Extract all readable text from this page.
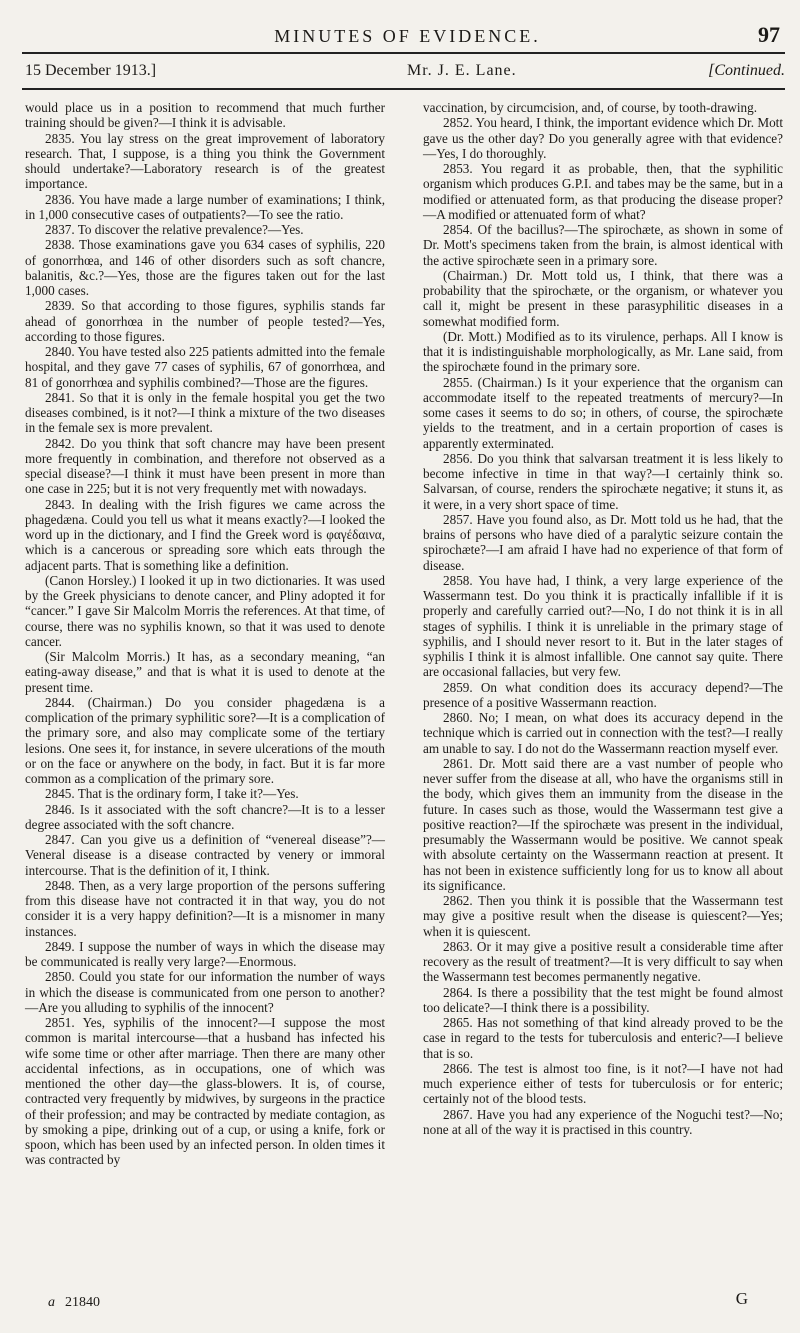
MINUTES OF EVIDENCE.	97
15 December 1913.]	Mr. J. E. Lane.	[Continued.

would place us in a position to recommend that much further training should be given?—I think it is advisable.

2835. You lay stress on the great improvement of laboratory research. That, I suppose, is a thing you think the Government should undertake?—Laboratory research is of the greatest importance.

2836. You have made a large number of examinations; I think, in 1,000 consecutive cases of outpatients?—To see the ratio.

2837. To discover the relative prevalence?—Yes.

2838. Those examinations gave you 634 cases of syphilis, 220 of gonorrhœa, and 146 of other disorders such as soft chancre, balanitis, &c.?—Yes, those are the figures taken out for the last 1,000 cases.

2839. So that according to those figures, syphilis stands far ahead of gonorrhœa in the number of people tested?—Yes, according to those figures.

2840. You have tested also 225 patients admitted into the female hospital, and they gave 77 cases of syphilis, 67 of gonorrhœa, and 81 of gonorrhœa and syphilis combined?—Those are the figures.

2841. So that it is only in the female hospital you get the two diseases combined, is it not?—I think a mixture of the two diseases in the female sex is more prevalent.

2842. Do you think that soft chancre may have been present more frequently in combination, and therefore not observed as a special disease?—I think it must have been present in more than one case in 225; but it is not very frequently met with nowadays.

2843. In dealing with the Irish figures we came across the phagedæna. Could you tell us what it means exactly?—I looked the word up in the dictionary, and I find the Greek word is φαγέδαινα, which is a cancerous or spreading sore which eats through the adjacent parts. That is something like a definition.

(Canon Horsley.) I looked it up in two dictionaries. It was used by the Greek physicians to denote cancer, and Pliny adopted it for “cancer.” I gave Sir Malcolm Morris the references. At that time, of course, there was no syphilis known, so that it was used to denote cancer.

(Sir Malcolm Morris.) It has, as a secondary meaning, “an eating-away disease,” and that is what it is used to denote at the present time.

2844. (Chairman.) Do you consider phagedæna is a complication of the primary syphilitic sore?—It is a complication of the primary sore, and also may complicate some of the tertiary lesions. One sees it, for instance, in severe ulcerations of the mouth or on the face or anywhere on the body, in fact. But it is far more common as a complication of the primary sore.

2845. That is the ordinary form, I take it?—Yes.

2846. Is it associated with the soft chancre?—It is to a lesser degree associated with the soft chancre.

2847. Can you give us a definition of “venereal disease”?—Veneral disease is a disease contracted by venery or immoral intercourse. That is the definition of it, I think.

2848. Then, as a very large proportion of the persons suffering from this disease have not contracted it in that way, you do not consider it is a very happy definition?—It is a misnomer in many instances.

2849. I suppose the number of ways in which the disease may be communicated is really very large?—Enormous.

2850. Could you state for our information the number of ways in which the disease is communicated from one person to another?—Are you alluding to syphilis of the innocent?

2851. Yes, syphilis of the innocent?—I suppose the most common is marital intercourse—that a husband has infected his wife some time or other after marriage. Then there are many other accidental infections, as in occupations, one of which was mentioned the other day—the glass-blowers. It is, of course, contracted very frequently by midwives, by surgeons in the practice of their profession; and may be contracted by mediate contagion, as by smoking a pipe, drinking out of a cup, or using a knife, fork or spoon, which has been used by an infected person. In olden times it was contracted by

vaccination, by circumcision, and, of course, by tooth-drawing.

2852. You heard, I think, the important evidence which Dr. Mott gave us the other day? Do you generally agree with that evidence?—Yes, I do thoroughly.

2853. You regard it as probable, then, that the syphilitic organism which produces G.P.I. and tabes may be the same, but in a modified or attenuated form, as that producing the disease proper?—A modified or attenuated form of what?

2854. Of the bacillus?—The spirochæte, as shown in some of Dr. Mott's specimens taken from the brain, is almost identical with the active spirochæte seen in a primary sore.

(Chairman.) Dr. Mott told us, I think, that there was a probability that the spirochæte, or the organism, or whatever you call it, might be present in these parasyphilitic diseases in a somewhat modified form.

(Dr. Mott.) Modified as to its virulence, perhaps. All I know is that it is indistinguishable morphologically, as Mr. Lane said, from the spirochæte found in the primary sore.

2855. (Chairman.) Is it your experience that the organism can accommodate itself to the repeated treatments of mercury?—In some cases it seems to do so; in others, of course, the spirochæte yields to the treatment, and in a certain proportion of cases is apparently exterminated.

2856. Do you think that salvarsan treatment it is less likely to become infective in time in that way?—I certainly think so. Salvarsan, of course, renders the spirochæte negative; it stuns it, as it were, in a very short space of time.

2857. Have you found also, as Dr. Mott told us he had, that the brains of persons who have died of a paralytic seizure contain the spirochæte?—I am afraid I have had no experience of that form of disease.

2858. You have had, I think, a very large experience of the Wassermann test. Do you think it is practically infallible if it is properly and carefully carried out?—No, I do not think it is in all stages of syphilis. I think it is unreliable in the primary stage of syphilis, and I should never resort to it. But in the later stages of syphilis I think it is almost infallible. One cannot say quite. There are occasional fallacies, but very few.

2859. On what condition does its accuracy depend?—The presence of a positive Wassermann reaction.

2860. No; I mean, on what does its accuracy depend in the technique which is carried out in connection with the test?—I really am unable to say. I do not do the Wassermann reaction myself ever.

2861. Dr. Mott said there are a vast number of people who never suffer from the disease at all, who have the organisms still in the body, which gives them an immunity from the disease in the future. In cases such as those, would the Wassermann test give a positive reaction?—If the spirochæte was present in the individual, presumably the Wassermann would be positive. We cannot speak with absolute certainty on the Wassermann reaction at present. It has not been in existence sufficiently long for us to know all about its significance.

2862. Then you think it is possible that the Wassermann test may give a positive result when the disease is quiescent?—Yes; when it is quiescent.

2863. Or it may give a positive result a considerable time after recovery as the result of treatment?—It is very difficult to say when the Wassermann test becomes permanently negative.

2864. Is there a possibility that the test might be found almost too delicate?—I think there is a possibility.

2865. Has not something of that kind already proved to be the case in regard to the tests for tuberculosis and enteric?—I believe that is so.

2866. The test is almost too fine, is it not?—I have not had much experience either of tests for tuberculosis or for enteric; certainly not of the blood tests.

2867. Have you had any experience of the Noguchi test?—No; none at all of the way it is practised in this country.

a 21840	G
